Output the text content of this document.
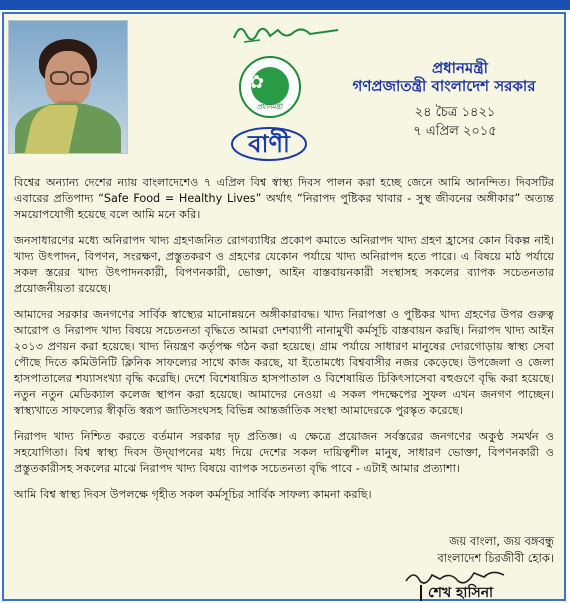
✿
প্রধানমন্ত্রী
বাণী
প্রধানমন্ত্রী
গণপ্রজাতন্ত্রী বাংলাদেশ সরকার
২৪ চৈত্র ১৪২১
৭ এপ্রিল ২০১৫

বিশ্বের অন্যান্য দেশের ন্যায় বাংলাদেশেও ৭ এপ্রিল বিশ্ব স্বাস্থ্য দিবস পালন করা হচ্ছে জেনে আমি আনন্দিত। দিবসটির এবারের প্রতিপাদ্য “Safe Food = Healthy Lives” অর্থাৎ “নিরাপদ পুষ্টিকর খাবার - সুস্থ জীবনের অঙ্গীকার” অত্যন্ত সময়োপযোগী হয়েছে বলে আমি মনে করি।

জনসাধারণের মধ্যে অনিরাপদ খাদ্য গ্রহণজনিত রোগব্যাধির প্রকোপ কমাতে অনিরাপদ খাদ্য গ্রহণ হ্রাসের কোন বিকল্প নাই। খাদ্য উৎপাদন, বিপণন, সংরক্ষণ, প্রস্তুতকরণ ও গ্রহণের যেকোন পর্যায়ে খাদ্য অনিরাপদ হতে পারে। এ বিষয়ে মাঠ পর্যায়ে সকল স্তরের খাদ্য উৎপাদনকারী, বিপণনকারী, ভোক্তা, আইন বাস্তবায়নকারী সংস্থাসহ সকলের ব্যাপক সচেতনতার প্রয়োজনীয়তা রয়েছে।

আমাদের সরকার জনগণের সার্বিক স্বাস্থ্যের মানোন্নয়নে অঙ্গীকারাবদ্ধ। খাদ্য নিরাপত্তা ও পুষ্টিকর খাদ্য গ্রহণের উপর গুরুত্ব আরোপ ও নিরাপদ খাদ্য বিষয়ে সচেতনতা বৃদ্ধিতে আমরা দেশব্যাপী নানামুখী কর্মসূচি বাস্তবায়ন করছি। নিরাপদ খাদ্য আইন ২০১৩ প্রণয়ন করা হয়েছে। খাদ্য নিয়ন্ত্রণ কর্তৃপক্ষ গঠন করা হয়েছে। গ্রাম পর্যায়ে সাধারণ মানুষের দোরগোড়ায় স্বাস্থ্য সেবা পৌছে দিতে কমিউনিটি ক্লিনিক সাফল্যের সাথে কাজ করছে, যা ইতোমধ্যে বিশ্ববাসীর নজর কেড়েছে। উপজেলা ও জেলা হাসপাতালের শয্যাসংখ্যা বৃদ্ধি করেছি। দেশে বিশেষায়িত হাসপাতাল ও বিশেষায়িত চিকিৎসাসেবা বহুগুণে বৃদ্ধি করা হয়েছে। নতুন নতুন মেডিক্যাল কলেজ স্থাপন করা হয়েছে। আমাদের নেওয়া এ সকল পদক্ষেপের সুফল এখন জনগণ পাচ্ছেন। স্বাস্থ্যখাতে সাফল্যের স্বীকৃতি স্বরূপ জাতিসংঘসহ বিভিন্ন আন্তর্জাতিক সংস্থা আমাদেরকে পুরস্কৃত করেছে।

নিরাপদ খাদ্য নিশ্চিত করতে বর্তমান সরকার দৃঢ় প্রতিজ্ঞ। এ ক্ষেত্রে প্রয়োজন সর্বস্তরের জনগণের অকুণ্ঠ সমর্থন ও সহযোগিতা। বিশ্ব স্বাস্থ্য দিবস উদ্‌যাপনের মধ্য দিয়ে দেশের সকল দায়িত্বশীল মানুষ, সাধারণ ভোক্তা, বিপণনকারী ও প্রস্তুতকারীসহ সকলের মাঝে নিরাপদ খাদ্য বিষয়ে ব্যাপক সচেতনতা বৃদ্ধি পাবে - এটাই আমার প্রত্যাশা।

আমি বিশ্ব স্বাস্থ্য দিবস উপলক্ষে গৃহীত সকল কর্মসূচির সার্বিক সাফল্য কামনা করছি।

জয় বাংলা, জয় বঙ্গবন্ধু
বাংলাদেশ চিরজীবী হোক।
শেখ হাসিনা
